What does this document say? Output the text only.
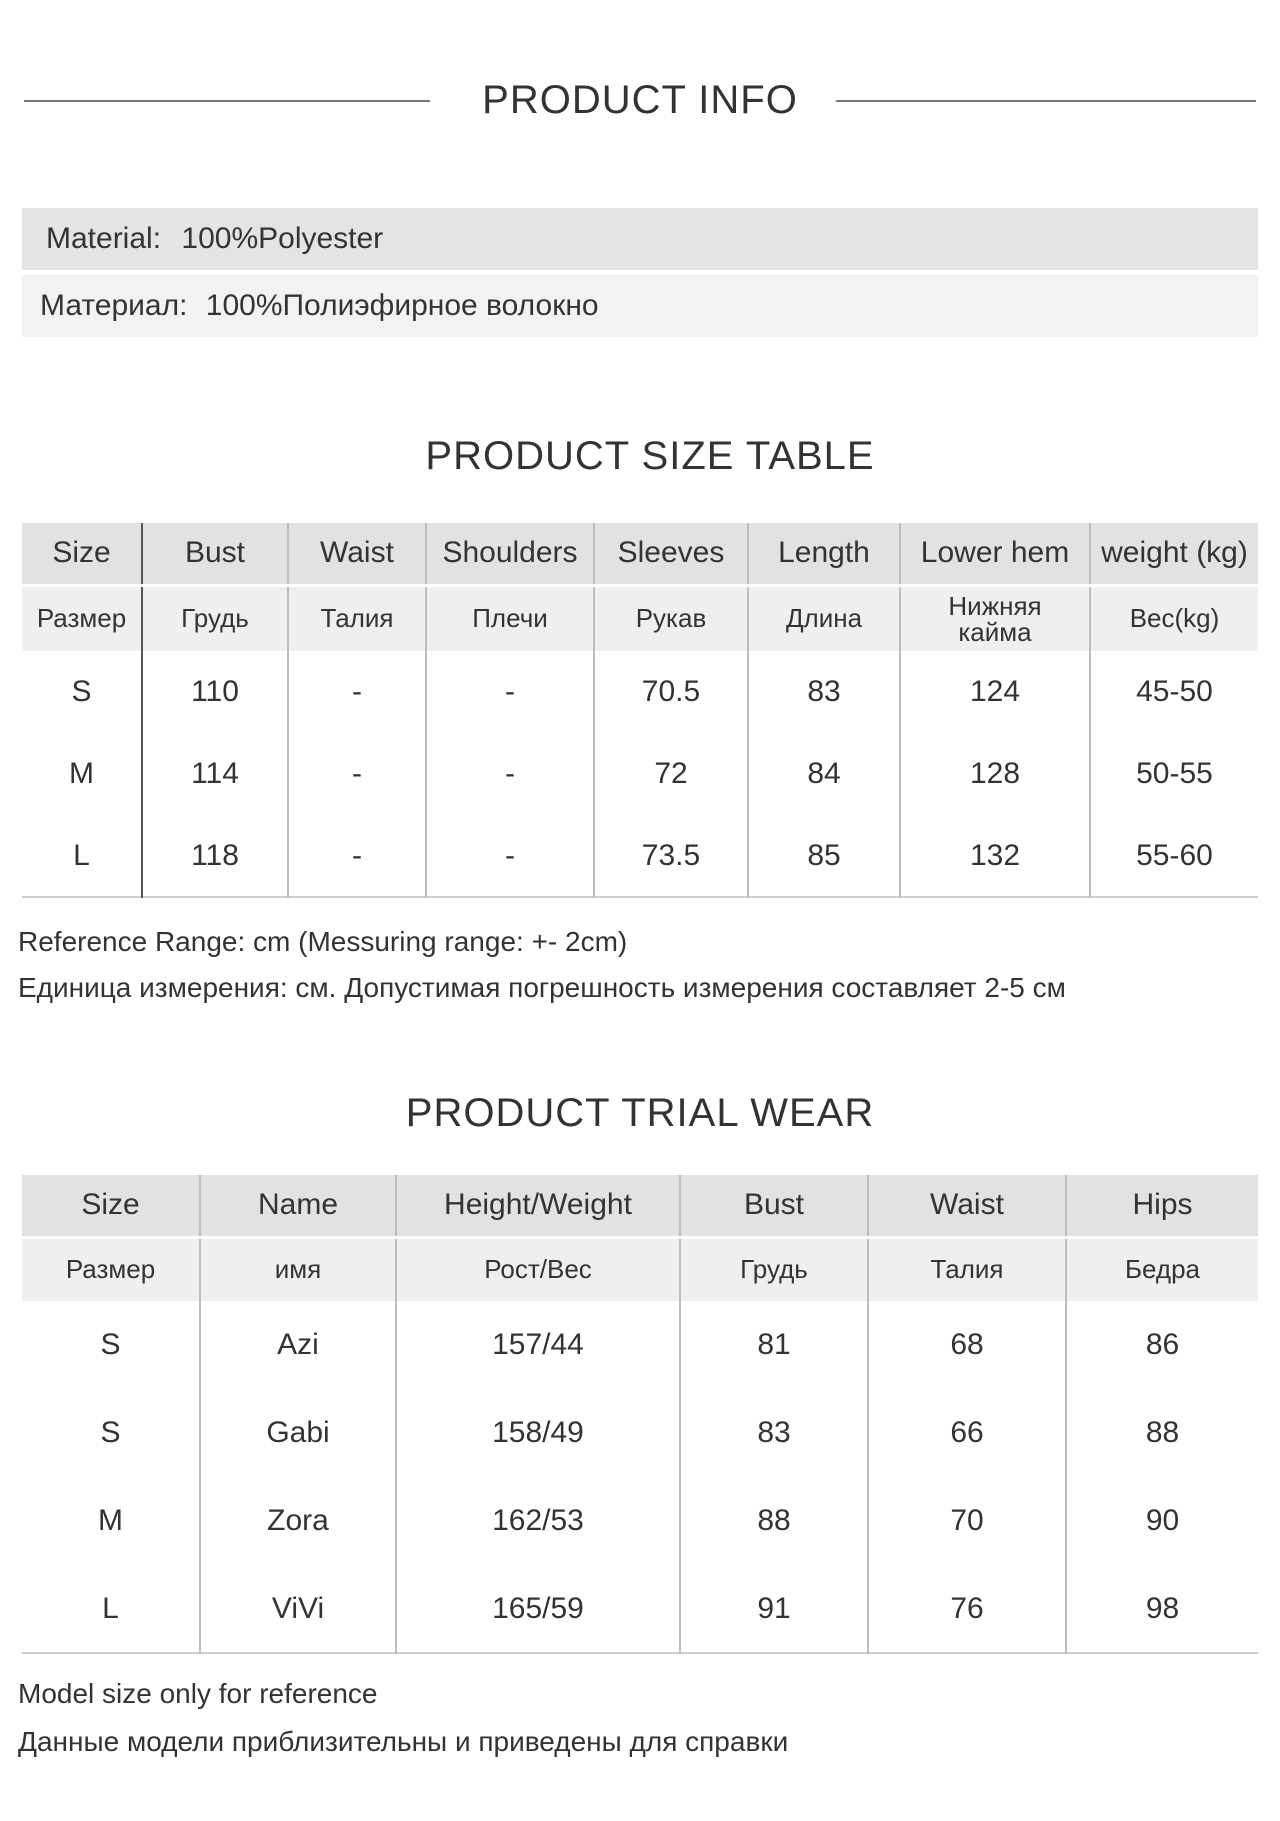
PRODUCT INFO
Material: 100%Polyester
Материал: 100%Полиэфирное волокно
PRODUCT SIZE TABLE
Size	Bust	Waist	Shoulders	Sleeves	Length	Lower hem	weight (kg)
Размер	Грудь	Талия	Плечи	Рукав	Длина	Нижняя кайма	Вес(kg)
S	110	-	-	70.5	83	124	45-50
M	114	-	-	72	84	128	50-55
L	118	-	-	73.5	85	132	55-60
Reference Range: cm (Messuring range: +- 2cm)
Единица измерения: см. Допустимая погрешность измерения составляет 2-5 см
PRODUCT TRIAL WEAR
Size	Name	Height/Weight	Bust	Waist	Hips
Размер	имя	Рост/Вес	Грудь	Талия	Бедра
S	Azi	157/44	81	68	86
S	Gabi	158/49	83	66	88
M	Zora	162/53	88	70	90
L	ViVi	165/59	91	76	98
Model size only for reference
Данные модели приблизительны и приведены для справки
